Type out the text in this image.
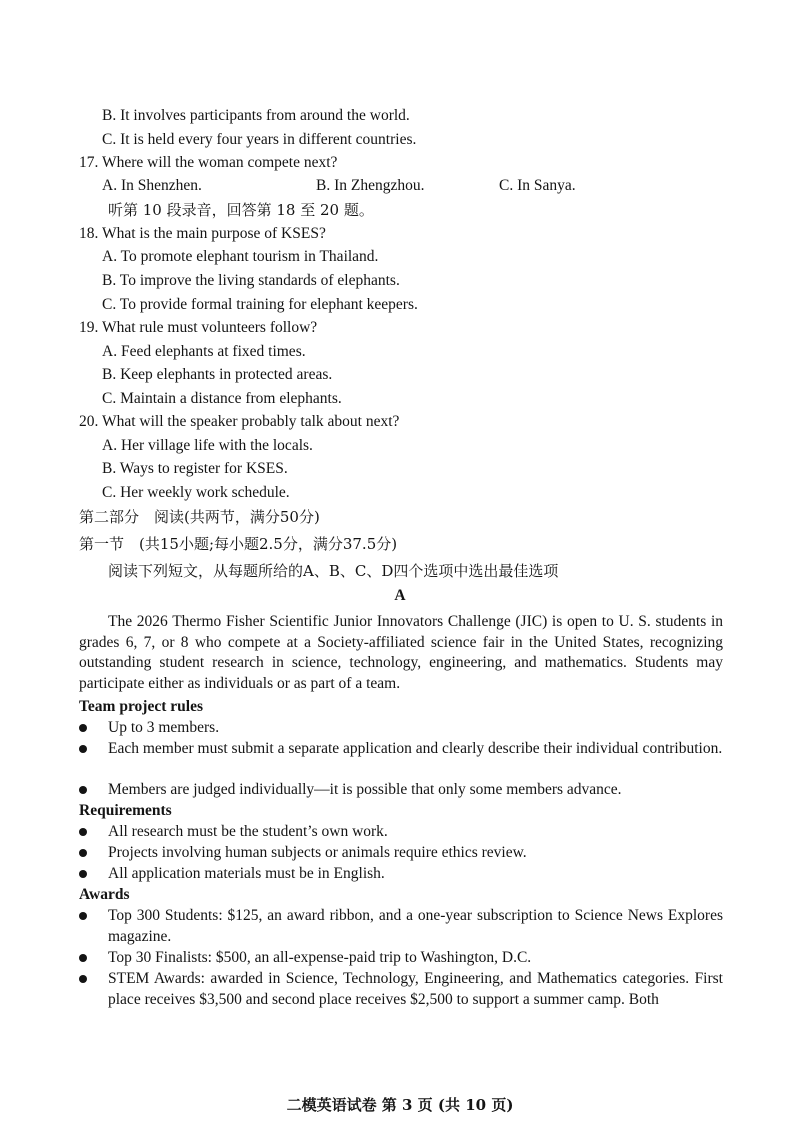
B. It involves participants from around the world.
C. It is held every four years in different countries.
17. Where will the woman compete next?
A. In Shenzhen.	B. In Zhengzhou.	C. In Sanya.
听第 10 段录音，回答第 18 至 20 题。
18. What is the main purpose of KSES?
A. To promote elephant tourism in Thailand.
B. To improve the living standards of elephants.
C. To provide formal training for elephant keepers.
19. What rule must volunteers follow?
A. Feed elephants at fixed times.
B. Keep elephants in protected areas.
C. Maintain a distance from elephants.
20. What will the speaker probably talk about next?
A. Her village life with the locals.
B. Ways to register for KSES.
C. Her weekly work schedule.
第二部分　阅读(共两节，满分50分)
第一节　(共15小题;每小题2.5分，满分37.5分)
阅读下列短文，从每题所给的A、B、C、D四个选项中选出最佳选项
A
The 2026 Thermo Fisher Scientific Junior Innovators Challenge (JIC) is open to U. S. students in grades 6, 7, or 8 who compete at a Society-affiliated science fair in the United States, recognizing outstanding student research in science, technology, engineering, and mathematics. Students may participate either as individuals or as part of a team.
Team project rules
Up to 3 members.
Each member must submit a separate application and clearly describe their individual contribution.
Members are judged individually—it is possible that only some members advance.
Requirements
All research must be the student’s own work.
Projects involving human subjects or animals require ethics review.
All application materials must be in English.
Awards
Top 300 Students: $125, an award ribbon, and a one-year subscription to Science News Explores magazine.
Top 30 Finalists: $500, an all-expense-paid trip to Washington, D.C.
STEM Awards: awarded in Science, Technology, Engineering, and Mathematics categories. First place receives $3,500 and second place receives $2,500 to support a summer camp. Both
二模英语试卷 第 3 页 (共 10 页)
